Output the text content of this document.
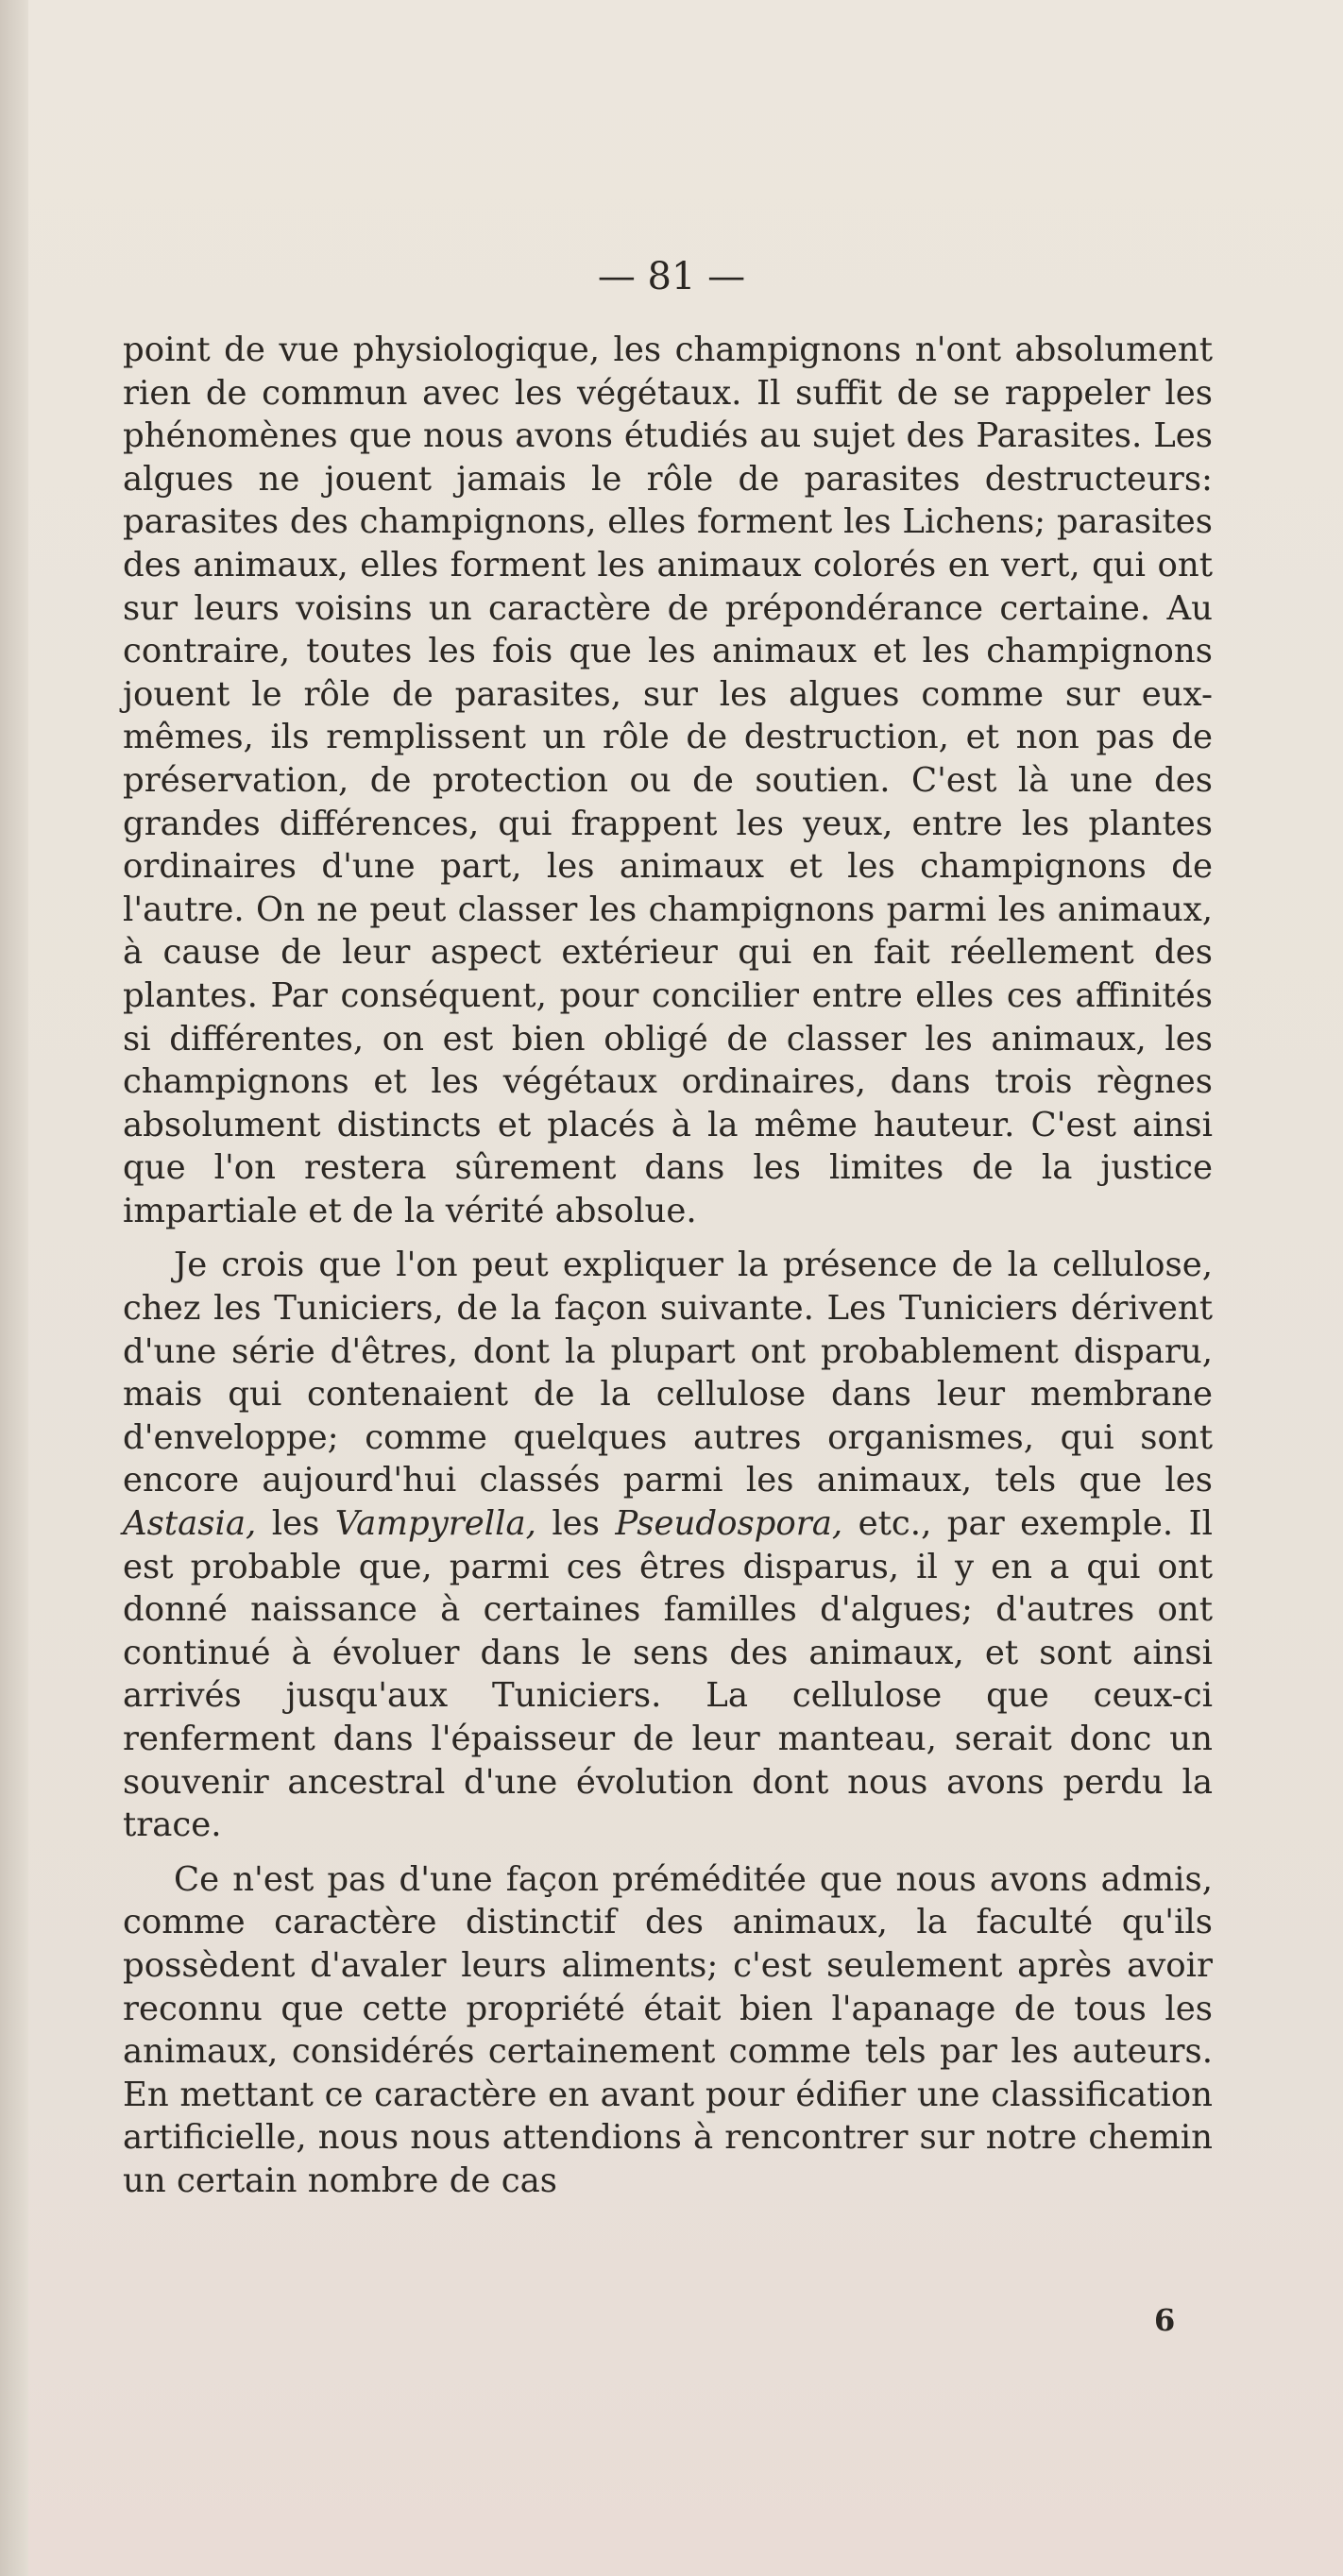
— 81 —

point de vue physiologique, les champignons n'ont absolument rien de commun avec les végétaux. Il suffit de se rappeler les phénomènes que nous avons étudiés au sujet des Parasites. Les algues ne jouent jamais le rôle de parasites destructeurs: parasites des champignons, elles forment les Lichens; parasites des animaux, elles forment les animaux colorés en vert, qui ont sur leurs voisins un caractère de prépondérance certaine. Au contraire, toutes les fois que les animaux et les champignons jouent le rôle de parasites, sur les algues comme sur eux-mêmes, ils remplissent un rôle de destruction, et non pas de préservation, de protection ou de soutien. C'est là une des grandes différences, qui frappent les yeux, entre les plantes ordinaires d'une part, les animaux et les champignons de l'autre. On ne peut classer les champignons parmi les animaux, à cause de leur aspect extérieur qui en fait réellement des plantes. Par conséquent, pour concilier entre elles ces affinités si différentes, on est bien obligé de classer les animaux, les champignons et les végétaux ordinaires, dans trois règnes absolument distincts et placés à la même hauteur. C'est ainsi que l'on restera sûrement dans les limites de la justice impartiale et de la vérité absolue.

Je crois que l'on peut expliquer la présence de la cellulose, chez les Tuniciers, de la façon suivante. Les Tuniciers dérivent d'une série d'êtres, dont la plupart ont probablement disparu, mais qui contenaient de la cellulose dans leur membrane d'enveloppe; comme quelques autres organismes, qui sont encore aujourd'hui classés parmi les animaux, tels que les Astasia, les Vampyrella, les Pseudospora, etc., par exemple. Il est probable que, parmi ces êtres disparus, il y en a qui ont donné naissance à certaines familles d'algues; d'autres ont continué à évoluer dans le sens des animaux, et sont ainsi arrivés jusqu'aux Tuniciers. La cellulose que ceux-ci renferment dans l'épaisseur de leur manteau, serait donc un souvenir ancestral d'une évolution dont nous avons perdu la trace.

Ce n'est pas d'une façon préméditée que nous avons admis, comme caractère distinctif des animaux, la faculté qu'ils possèdent d'avaler leurs aliments; c'est seulement après avoir reconnu que cette propriété était bien l'apanage de tous les animaux, considérés certainement comme tels par les auteurs. En mettant ce caractère en avant pour édifier une classification artificielle, nous nous attendions à rencontrer sur notre chemin un certain nombre de cas

6
